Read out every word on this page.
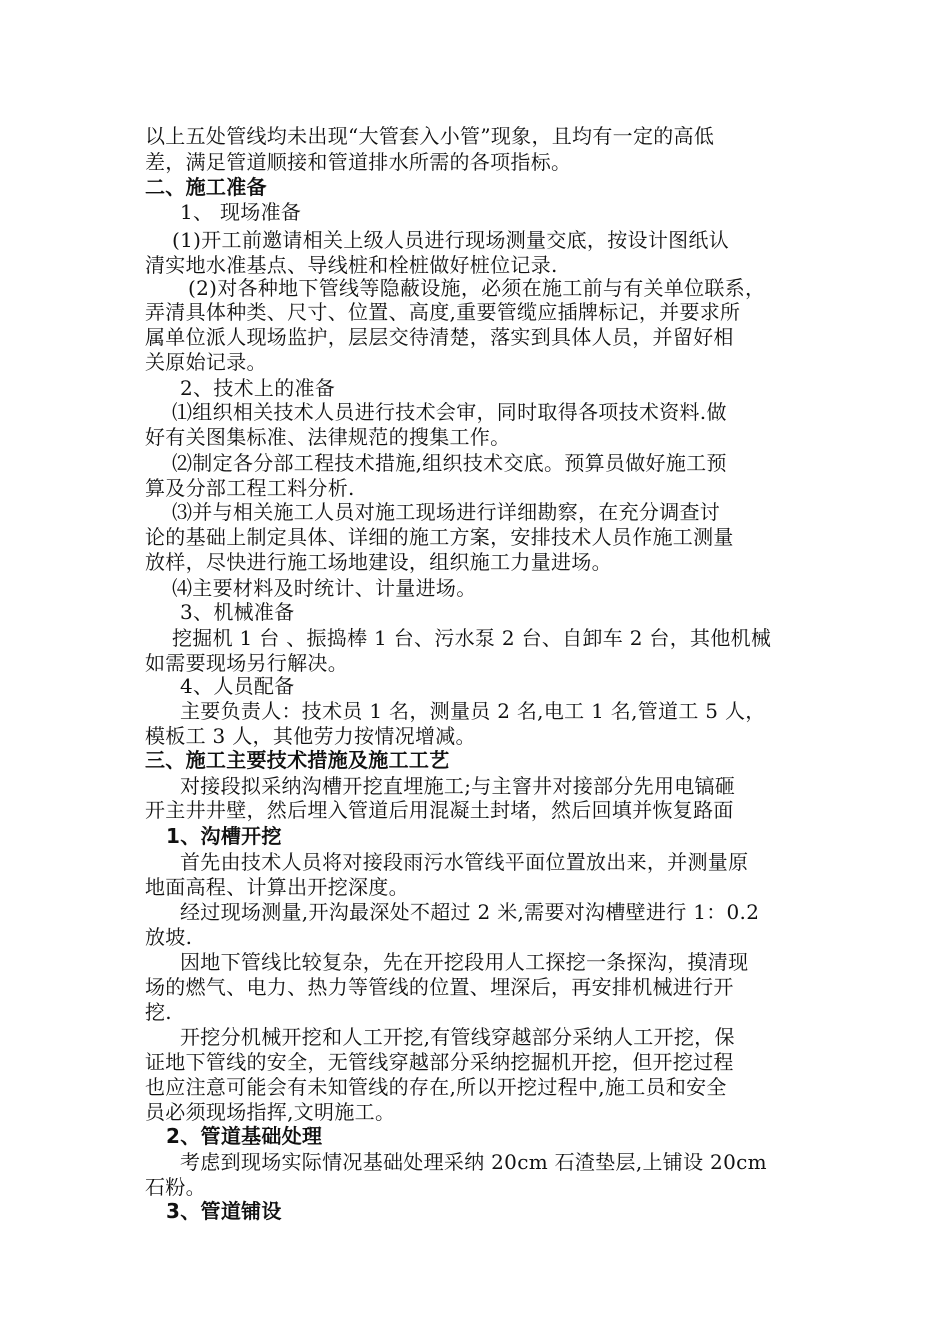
以上五处管线均未出现“大管套入小管”现象，且均有一定的高低
差，满足管道顺接和管道排水所需的各项指标。
二、施工准备
1、 现场准备
(1)开工前邀请相关上级人员进行现场测量交底，按设计图纸认
清实地水准基点、导线桩和栓桩做好桩位记录.
(2)对各种地下管线等隐蔽设施，必须在施工前与有关单位联系，
弄清具体种类、尺寸、位置、高度,重要管缆应插牌标记，并要求所
属单位派人现场监护，层层交待清楚，落实到具体人员，并留好相
关原始记录。
2、技术上的准备
⑴组织相关技术人员进行技术会审，同时取得各项技术资料.做
好有关图集标准、法律规范的搜集工作。
⑵制定各分部工程技术措施,组织技术交底。预算员做好施工预
算及分部工程工料分析.
⑶并与相关施工人员对施工现场进行详细勘察，在充分调查讨
论的基础上制定具体、详细的施工方案，安排技术人员作施工测量
放样，尽快进行施工场地建设，组织施工力量进场。
⑷主要材料及时统计、计量进场。
3、机械准备
挖掘机 1 台 、振捣棒 1 台、污水泵 2 台、自卸车 2 台，其他机械
如需要现场另行解决。
4、人员配备
主要负责人：技术员 1 名，测量员 2 名,电工 1 名,管道工 5 人，
模板工 3 人，其他劳力按情况增减。
三、施工主要技术措施及施工工艺
对接段拟采纳沟槽开挖直埋施工;与主窨井对接部分先用电镐砸
开主井井壁，然后埋入管道后用混凝土封堵，然后回填并恢复路面
1、沟槽开挖
首先由技术人员将对接段雨污水管线平面位置放出来，并测量原
地面高程、计算出开挖深度。
经过现场测量,开沟最深处不超过 2 米,需要对沟槽壁进行 1：0.2
放坡.
因地下管线比较复杂，先在开挖段用人工探挖一条探沟，摸清现
场的燃气、电力、热力等管线的位置、埋深后，再安排机械进行开
挖.
开挖分机械开挖和人工开挖,有管线穿越部分采纳人工开挖，保
证地下管线的安全，无管线穿越部分采纳挖掘机开挖，但开挖过程
也应注意可能会有未知管线的存在,所以开挖过程中,施工员和安全
员必须现场指挥,文明施工。
2、管道基础处理
考虑到现场实际情况基础处理采纳 20cm 石渣垫层,上铺设 20cm
石粉。
3、管道铺设
